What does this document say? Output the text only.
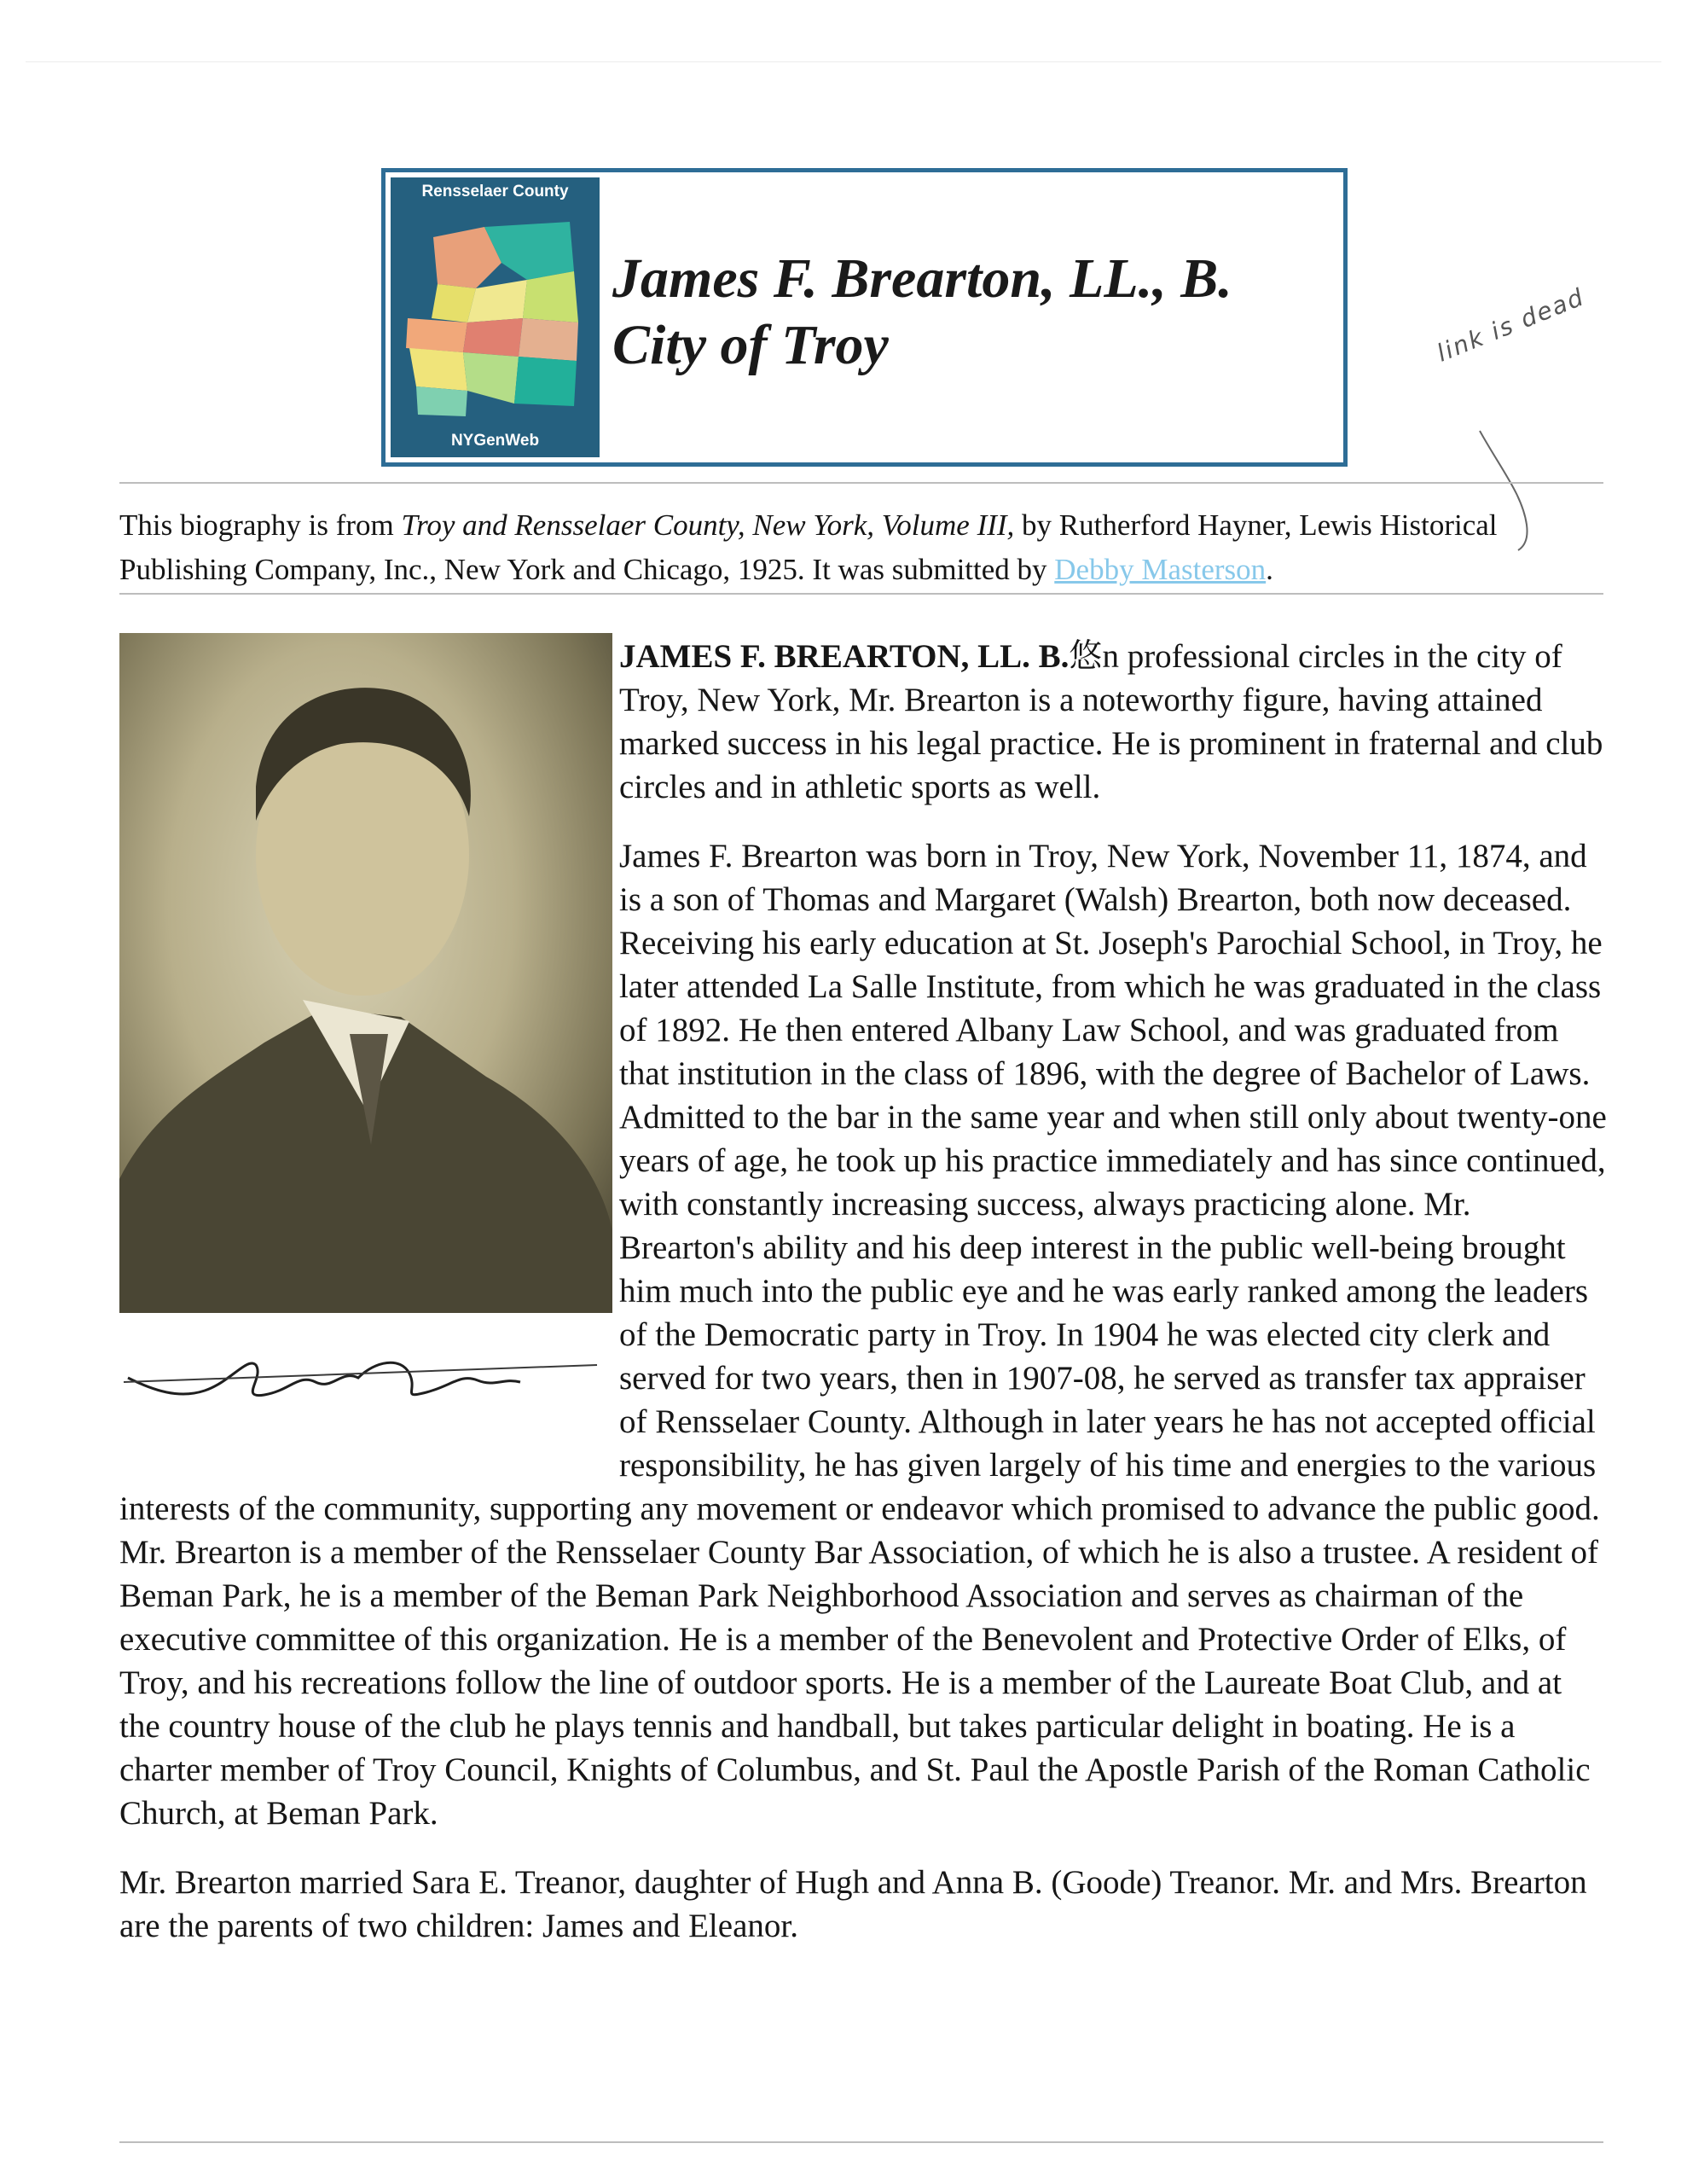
Rensselaer County
NYGenWeb
James F. Brearton, LL., B.
City of Troy	link is dead
This biography is from Troy and Rensselaer County, New York, Volume III, by Rutherford Hayner, Lewis Historical Publishing Company, Inc., New York and Chicago, 1925. It was submitted by Debby Masterson.

JAMES F. BREARTON, LL. B.悠n professional circles in the city of Troy, New York, Mr. Brearton is a noteworthy figure, having attained marked success in his legal practice. He is prominent in fraternal and club circles and in athletic sports as well.

James F. Brearton was born in Troy, New York, November 11, 1874, and is a son of Thomas and Margaret (Walsh) Brearton, both now deceased. Receiving his early education at St. Joseph's Parochial School, in Troy, he later attended La Salle Institute, from which he was graduated in the class of 1892. He then entered Albany Law School, and was graduated from that institution in the class of 1896, with the degree of Bachelor of Laws. Admitted to the bar in the same year and when still only about twenty-one years of age, he took up his practice immediately and has since continued, with constantly increasing success, always practicing alone. Mr. Brearton's ability and his deep interest in the public well-being brought him much into the public eye and he was early ranked among the leaders of the Democratic party in Troy. In 1904 he was elected city clerk and served for two years, then in 1907-08, he served as transfer tax appraiser of Rensselaer County. Although in later years he has not accepted official responsibility, he has given largely of his time and energies to the various interests of the community, supporting any movement or endeavor which promised to advance the public good. Mr. Brearton is a member of the Rensselaer County Bar Association, of which he is also a trustee. A resident of Beman Park, he is a member of the Beman Park Neighborhood Association and serves as chairman of the executive committee of this organization. He is a member of the Benevolent and Protective Order of Elks, of Troy, and his recreations follow the line of outdoor sports. He is a member of the Laureate Boat Club, and at the country house of the club he plays tennis and handball, but takes particular delight in boating. He is a charter member of Troy Council, Knights of Columbus, and St. Paul the Apostle Parish of the Roman Catholic Church, at Beman Park.

Mr. Brearton married Sara E. Treanor, daughter of Hugh and Anna B. (Goode) Treanor. Mr. and Mrs. Brearton are the parents of two children: James and Eleanor.
